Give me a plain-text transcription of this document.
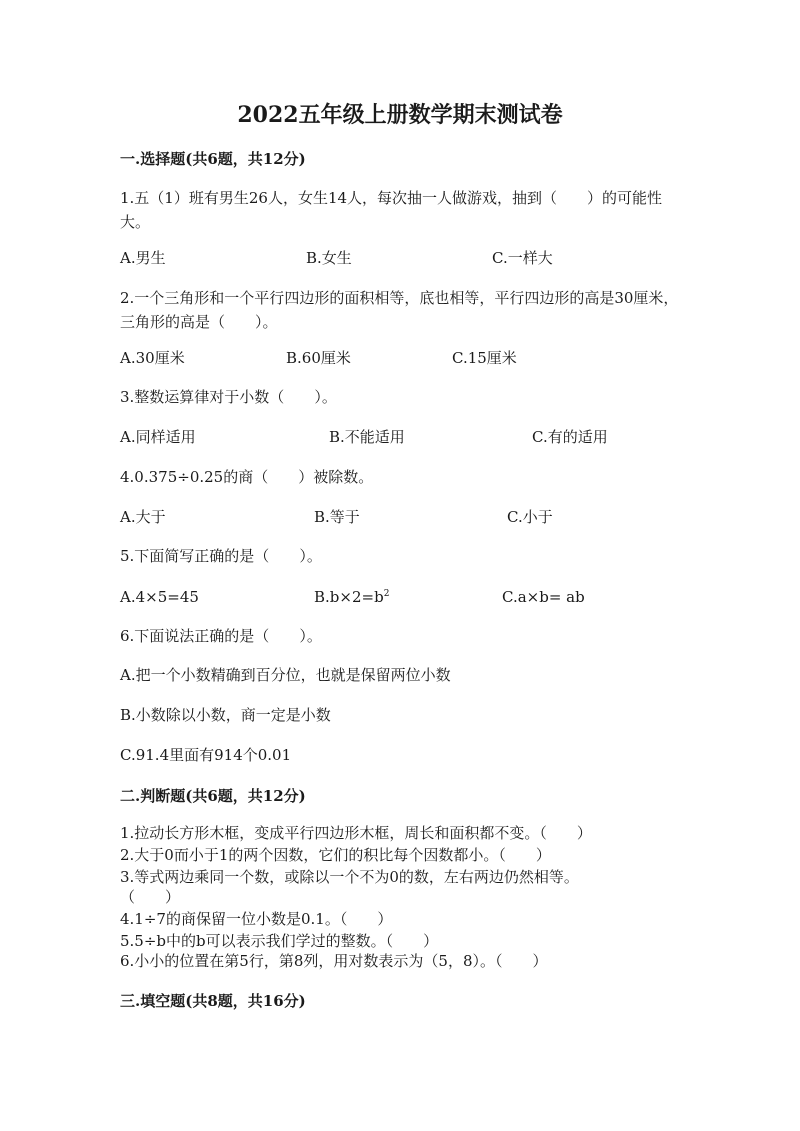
2022五年级上册数学期末测试卷
一.选择题(共6题，共12分)
1.五（1）班有男生26人，女生14人，每次抽一人做游戏，抽到（　　）的可能性大。
A.男生	B.女生	C.一样大
2.一个三角形和一个平行四边形的面积相等，底也相等，平行四边形的高是30厘米，三角形的高是（　　）。
A.30厘米	B.60厘米	C.15厘米
3.整数运算律对于小数（　　）。
A.同样适用	B.不能适用	C.有的适用
4.0.375÷0.25的商（　　）被除数。
A.大于	B.等于	C.小于
5.下面简写正确的是（　　）。
A.4×5=45	$B.b\times 2=b^2$	C.a×b= ab
6.下面说法正确的是（　　）。
A.把一个小数精确到百分位，也就是保留两位小数
B.小数除以小数，商一定是小数
C.91.4里面有914个0.01
二.判断题(共6题，共12分)
1.拉动长方形木框，变成平行四边形木框，周长和面积都不变。（　　）
2.大于0而小于1的两个因数，它们的积比每个因数都小。（　　）
3.等式两边乘同一个数，或除以一个不为0的数，左右两边仍然相等。
（　　）
4.1÷7的商保留一位小数是0.1。（　　）
5.5÷b中的b可以表示我们学过的整数。（　　）
6.小小的位置在第5行，第8列，用对数表示为（5，8）。（　　）
三.填空题(共8题，共16分)
